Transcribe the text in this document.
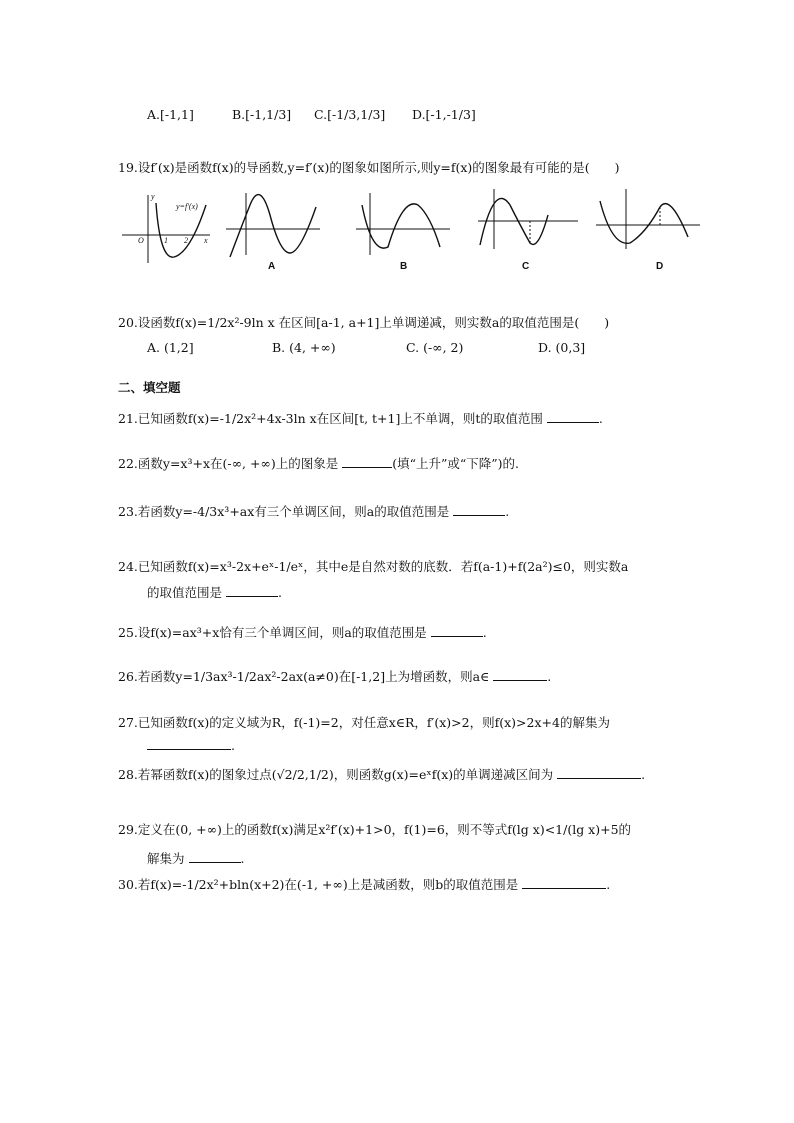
A.[-1,1]	B.[-1,1/3] C.[-1/3,1/3] D.[-1,-1/3]
19.设f′(x)是函数f(x)的导函数,y=f′(x)的图象如图所示,则y=f(x)的图象最有可能的是(　　)
y
y=f′(x)
O	1 2 x
A	B	C	D
20.设函数f(x)=1/2x²-9ln x 在区间[a-1, a+1]上单调递减，则实数a的取值范围是(　　)
A. (1,2]	B. (4, +∞)	C. (-∞, 2)	D. (0,3]
二、填空题
21.已知函数f(x)=-1/2x²+4x-3ln x在区间[t, t+1]上不单调，则t的取值范围	.
22.函数y=x³+x在(-∞, +∞)上的图象是	(填“上升”或“下降”)的.
23.若函数y=-4/3x³+ax有三个单调区间，则a的取值范围是	.
24.已知函数f(x)=x³-2x+eˣ-1/eˣ，其中e是自然对数的底数．若f(a-1)+f(2a²)≤0，则实数a
的取值范围是	.
25.设f(x)=ax³+x恰有三个单调区间，则a的取值范围是	.
26.若函数y=1/3ax³-1/2ax²-2ax(a≠0)在[-1,2]上为增函数，则a∈	.
27.已知函数f(x)的定义域为R，f(-1)=2，对任意x∈R，f′(x)>2，则f(x)>2x+4的解集为
.
28.若幂函数f(x)的图象过点(√2/2,1/2)，则函数g(x)=eˣf(x)的单调递减区间为	.
29.定义在(0, +∞)上的函数f(x)满足x²f′(x)+1>0，f(1)=6，则不等式f(lg x)<1/(lg x)+5的
解集为	.
30.若f(x)=-1/2x²+bln(x+2)在(-1, +∞)上是减函数，则b的取值范围是	.
